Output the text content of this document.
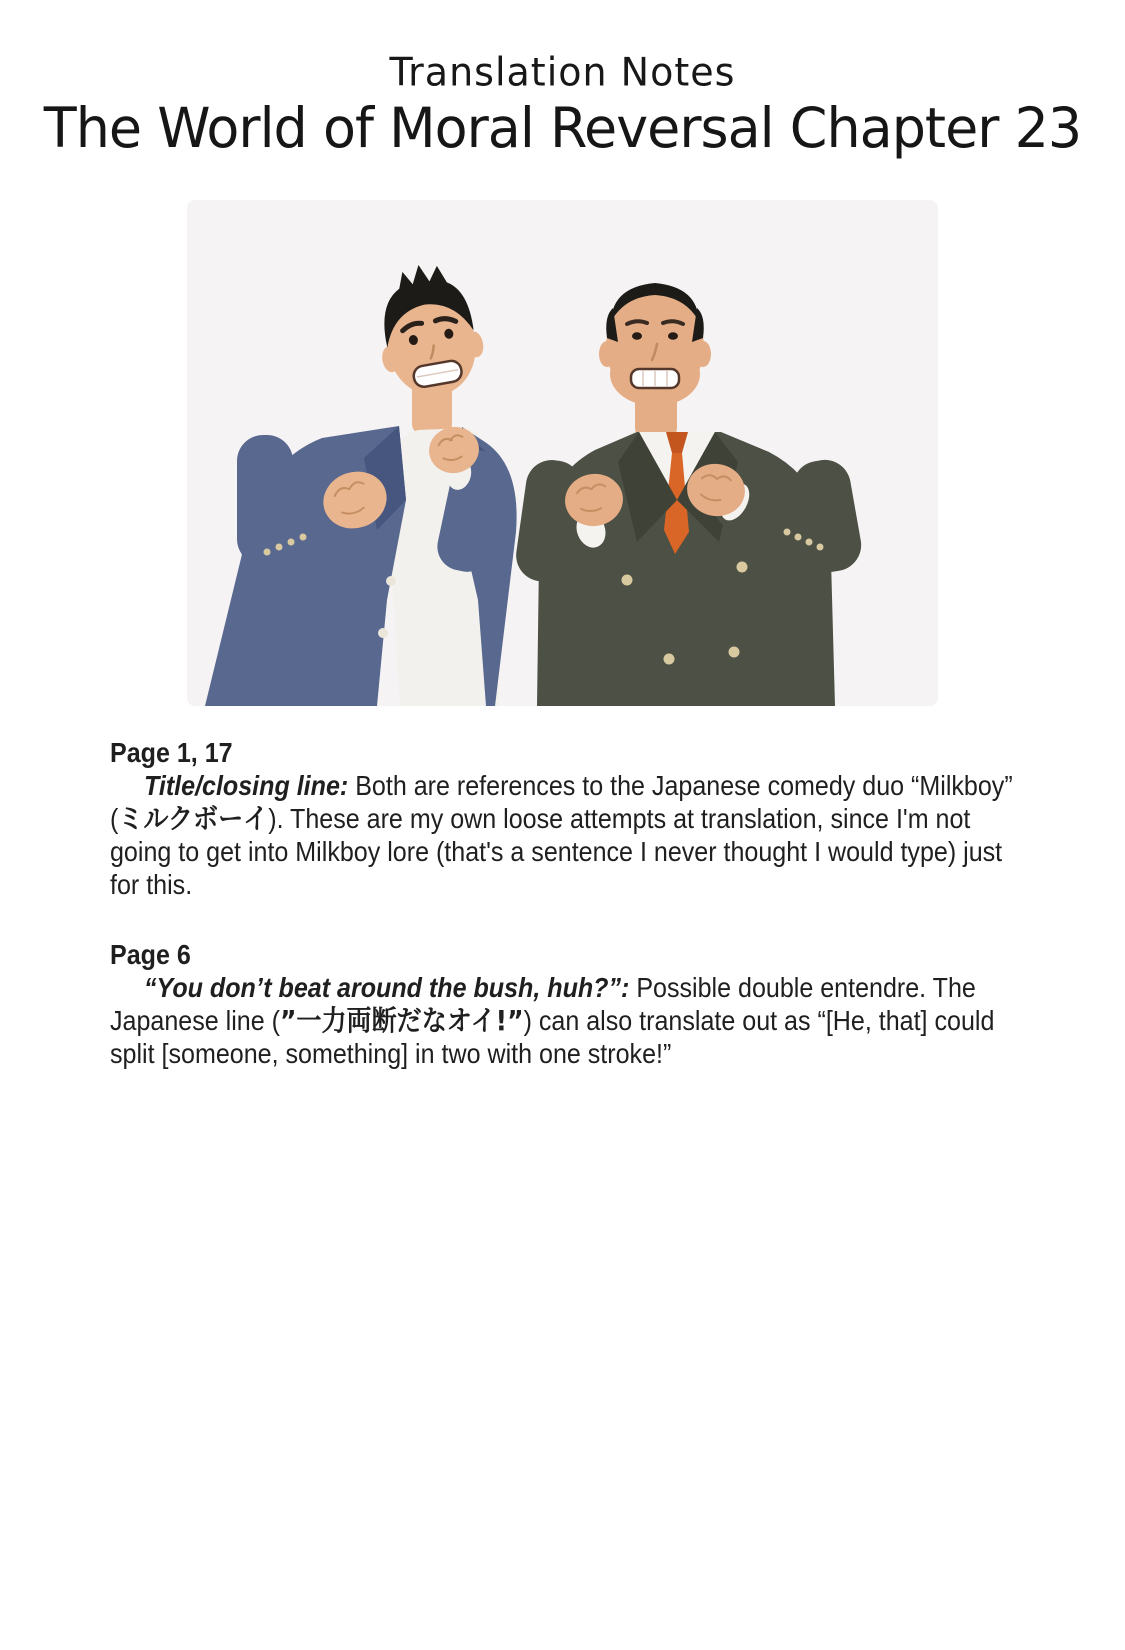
Translation Notes
The World of Moral Reversal Chapter 23

Page 1, 17

Title/closing line: Both are references to the Japanese comedy duo “Milkboy” (ミルクボーイ). These are my own loose attempts at translation, since I'm not going to get into Milkboy lore (that's a sentence I never thought I would type) just for this.

Page 6

“You don’t beat around the bush, huh?”: Possible double entendre. The Japanese line (”一力両断だなオイ!”) can also translate out as “[He, that] could split [someone, something] in two with one stroke!”
